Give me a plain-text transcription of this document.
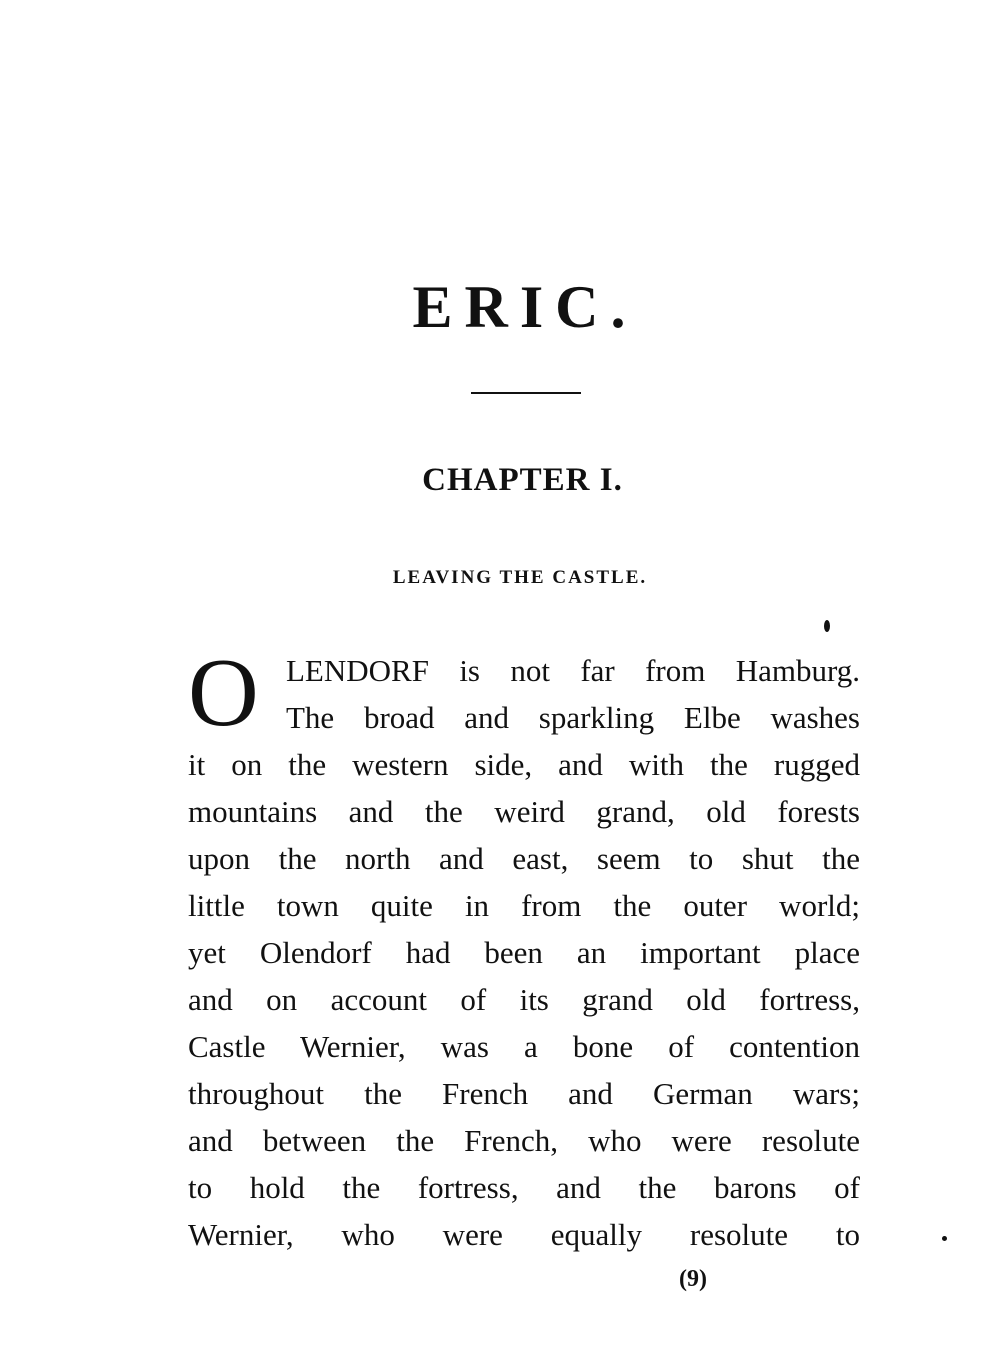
ERIC.
CHAPTER I.
LEAVING THE CASTLE.
O LENDORF is not far from Hamburg.
The broad and sparkling Elbe washes
it on the western side, and with the rugged
mountains and the weird grand, old forests
upon the north and east, seem to shut the
little town quite in from the outer world;
yet Olendorf had been an important place
and on account of its grand old fortress,
Castle Wernier, was a bone of contention
throughout the French and German wars;
and between the French, who were resolute
to hold the fortress, and the barons of
Wernier, who were equally resolute to
(9)
